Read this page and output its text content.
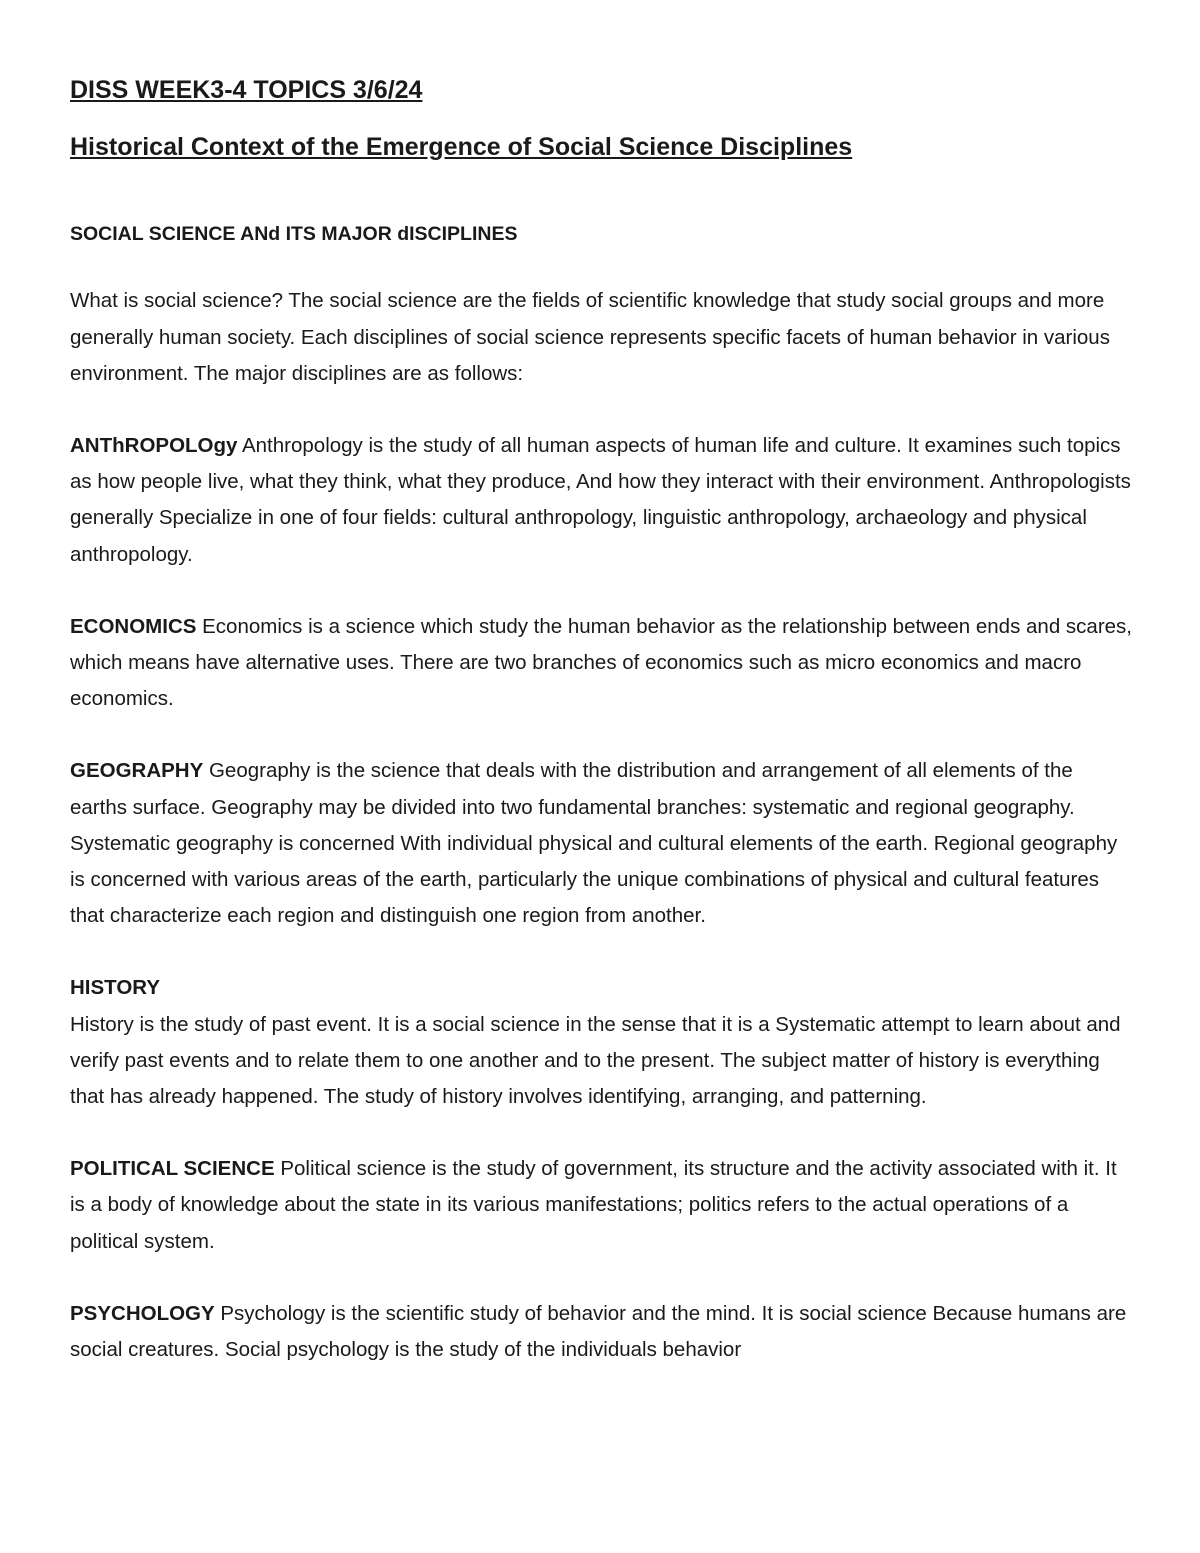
DISS WEEK3-4 TOPICS 3/6/24
Historical Context of the Emergence of Social Science Disciplines
SOCIAL SCIENCE ANd ITS MAJOR dISCIPLINES

What is social science? The social science are the fields of scientific knowledge that study social groups and more generally human society. Each disciplines of social science represents specific facets of human behavior in various environment. The major disciplines are as follows:

ANThROPOLOgy Anthropology is the study of all human aspects of human life and culture. It examines such topics as how people live, what they think, what they produce, And how they interact with their environment. Anthropologists generally Specialize in one of four fields: cultural anthropology, linguistic anthropology, archaeology and physical anthropology.

ECONOMICS Economics is a science which study the human behavior as the relationship between ends and scares, which means have alternative uses. There are two branches of economics such as micro economics and macro economics.

GEOGRAPHY Geography is the science that deals with the distribution and arrangement of all elements of the earths surface. Geography may be divided into two fundamental branches: systematic and regional geography. Systematic geography is concerned With individual physical and cultural elements of the earth. Regional geography is concerned with various areas of the earth, particularly the unique combinations of physical and cultural features that characterize each region and distinguish one region from another.

HISTORY
History is the study of past event. It is a social science in the sense that it is a Systematic attempt to learn about and verify past events and to relate them to one another and to the present. The subject matter of history is everything that has already happened. The study of history involves identifying, arranging, and patterning.

POLITICAL SCIENCE Political science is the study of government, its structure and the activity associated with it. It is a body of knowledge about the state in its various manifestations; politics refers to the actual operations of a political system.

PSYCHOLOGY Psychology is the scientific study of behavior and the mind. It is social science Because humans are social creatures. Social psychology is the study of the individuals behavior
